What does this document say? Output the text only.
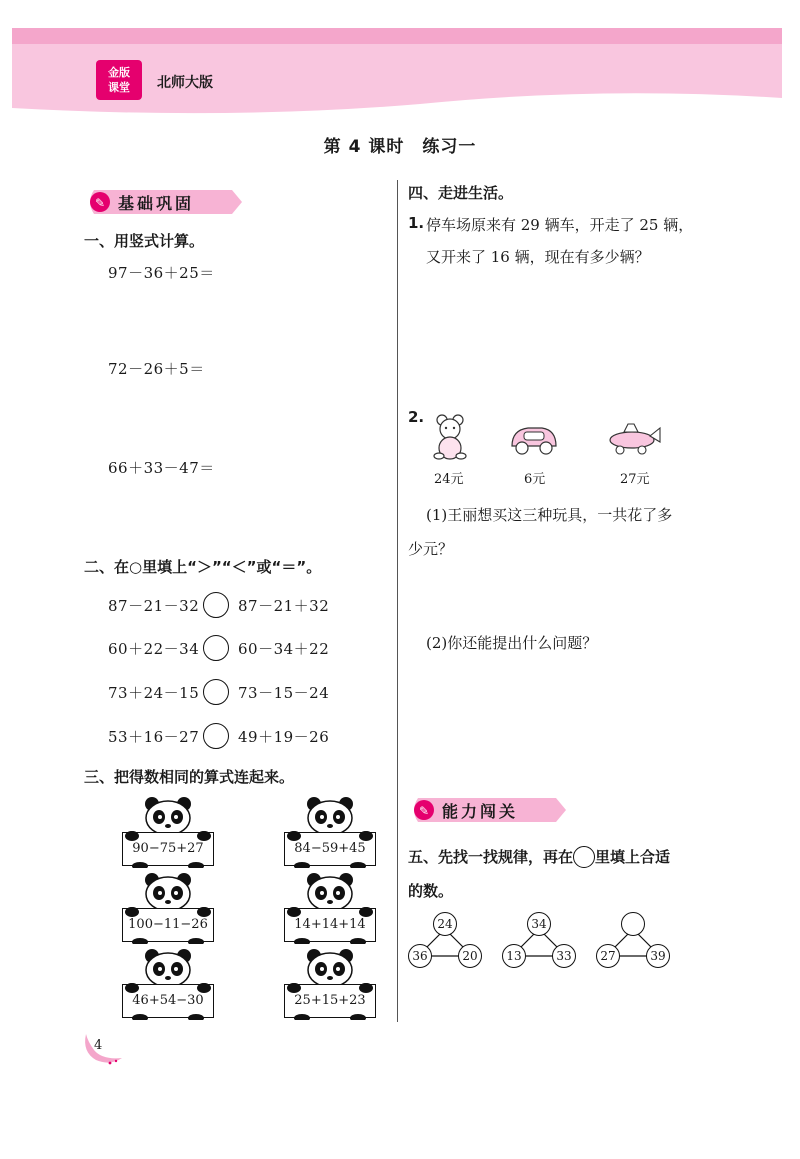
金版
课堂	北师大版
第 4 课时　练习一
✎ 基础巩固
一、用竖式计算。
97－36＋25＝
72－26＋5＝
66＋33－47＝
二、在○里填上“＞”“＜”或“＝”。
87－21－32	87－21＋32
60＋22－34	60－34＋22
73＋24－15	73－15－24
53＋16－27	49＋19－26
三、把得数相同的算式连起来。
90−75+27
100−11−26
46+54−30
84−59+45
14+14+14
25+15+23
四、走进生活。
1. 停车场原来有 29 辆车，开走了 25 辆，
又开来了 16 辆，现在有多少辆？
2.
24元	6元	27元
(1)王丽想买这三种玩具，一共花了多
少元？
(2)你还能提出什么问题？
✎ 能力闯关
五、先找一找规律，再在 里填上合适
的数。
24
36	20
34
13	33	27	39
4
